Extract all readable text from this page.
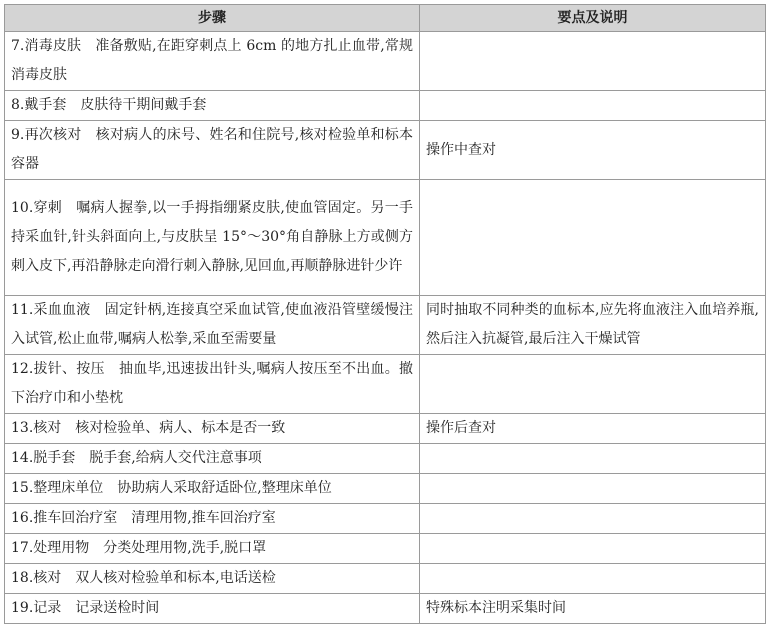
步骤	要点及说明
7.消毒皮肤　准备敷贴,在距穿刺点上 6cm 的地方扎止血带,常规消毒皮肤	
8.戴手套　皮肤待干期间戴手套	
9.再次核对　核对病人的床号、姓名和住院号,核对检验单和标本容器	操作中查对
10.穿刺　嘱病人握拳,以一手拇指绷紧皮肤,使血管固定。另一手持采血针,针头斜面向上,与皮肤呈 15°～30°角自静脉上方或侧方刺入皮下,再沿静脉走向滑行刺入静脉,见回血,再顺静脉进针少许	
11.采血血液　固定针柄,连接真空采血试管,使血液沿管壁缓慢注入试管,松止血带,嘱病人松拳,采血至需要量	同时抽取不同种类的血标本,应先将血液注入血培养瓶,然后注入抗凝管,最后注入干燥试管
12.拔针、按压　抽血毕,迅速拔出针头,嘱病人按压至不出血。撤下治疗巾和小垫枕	
13.核对　核对检验单、病人、标本是否一致	操作后查对
14.脱手套　脱手套,给病人交代注意事项	
15.整理床单位　协助病人采取舒适卧位,整理床单位	
16.推车回治疗室　清理用物,推车回治疗室	
17.处理用物　分类处理用物,洗手,脱口罩	
18.核对　双人核对检验单和标本,电话送检	
19.记录　记录送检时间	特殊标本注明采集时间
